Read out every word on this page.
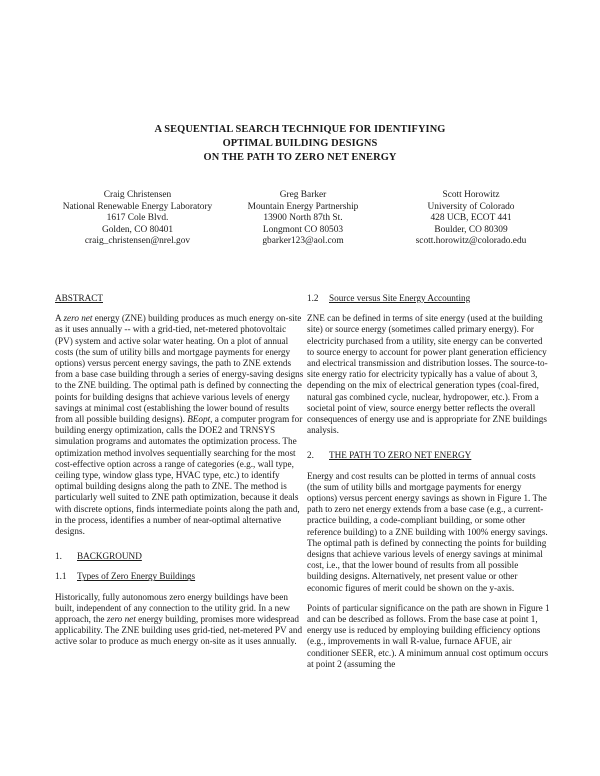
A SEQUENTIAL SEARCH TECHNIQUE FOR IDENTIFYING
OPTIMAL BUILDING DESIGNS
ON THE PATH TO ZERO NET ENERGY
Craig Christensen
National Renewable Energy Laboratory
1617 Cole Blvd.
Golden, CO 80401
craig_christensen@nrel.gov
Greg Barker
Mountain Energy Partnership
13900 North 87th St.
Longmont CO 80503
gbarker123@aol.com
Scott Horowitz
University of Colorado
428 UCB, ECOT 441
Boulder, CO 80309
scott.horowitz@colorado.edu
ABSTRACT

A zero net energy (ZNE) building produces as much energy on-site as it uses annually -- with a grid-tied, net-metered photovoltaic (PV) system and active solar water heating. On a plot of annual costs (the sum of utility bills and mortgage payments for energy options) versus percent energy savings, the path to ZNE extends from a base case building through a series of energy-saving designs to the ZNE building. The optimal path is defined by connecting the points for building designs that achieve various levels of energy savings at minimal cost (establishing the lower bound of results from all possible building designs). BEopt, a computer program for building energy optimization, calls the DOE2 and TRNSYS simulation programs and automates the optimization process. The optimization method involves sequentially searching for the most cost-effective option across a range of categories (e.g., wall type, ceiling type, window glass type, HVAC type, etc.) to identify optimal building designs along the path to ZNE. The method is particularly well suited to ZNE path optimization, because it deals with discrete options, finds intermediate points along the path and, in the process, identifies a number of near-optimal alternative designs.

1. BACKGROUND
1.1 Types of Zero Energy Buildings

Historically, fully autonomous zero energy buildings have been built, independent of any connection to the utility grid. In a new approach, the zero net energy building, promises more widespread applicability. The ZNE building uses grid-tied, net-metered PV and active solar to produce as much energy on-site as it uses annually.

1.2 Source versus Site Energy Accounting

ZNE can be defined in terms of site energy (used at the building site) or source energy (sometimes called primary energy). For electricity purchased from a utility, site energy can be converted to source energy to account for power plant generation efficiency and electrical transmission and distribution losses. The source-to-site energy ratio for electricity typically has a value of about 3, depending on the mix of electrical generation types (coal-fired, natural gas combined cycle, nuclear, hydropower, etc.). From a societal point of view, source energy better reflects the overall consequences of energy use and is appropriate for ZNE buildings analysis.

2. THE PATH TO ZERO NET ENERGY

Energy and cost results can be plotted in terms of annual costs (the sum of utility bills and mortgage payments for energy options) versus percent energy savings as shown in Figure 1. The path to zero net energy extends from a base case (e.g., a current-practice building, a code-compliant building, or some other reference building) to a ZNE building with 100% energy savings. The optimal path is defined by connecting the points for building designs that achieve various levels of energy savings at minimal cost, i.e., that the lower bound of results from all possible building designs. Alternatively, net present value or other economic figures of merit could be shown on the y-axis.

Points of particular significance on the path are shown in Figure 1 and can be described as follows. From the base case at point 1, energy use is reduced by employing building efficiency options (e.g., improvements in wall R-value, furnace AFUE, air conditioner SEER, etc.). A minimum annual cost optimum occurs at point 2 (assuming the
